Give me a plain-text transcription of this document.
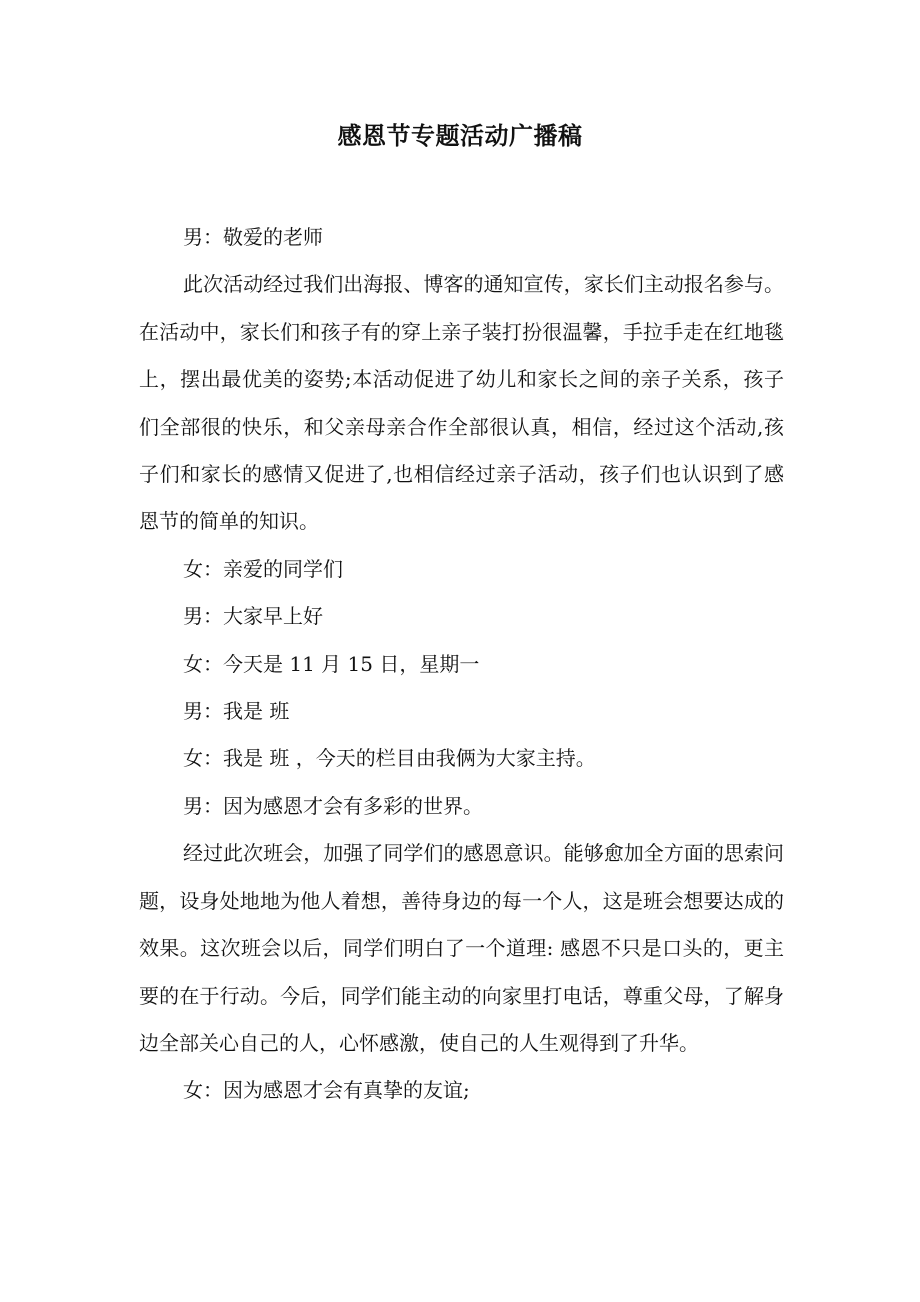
感恩节专题活动广播稿

男：敬爱的老师

此次活动经过我们出海报、博客的通知宣传，家长们主动报名参与。在活动中，家长们和孩子有的穿上亲子装打扮很温馨，手拉手走在红地毯上，摆出最优美的姿势;本活动促进了幼儿和家长之间的亲子关系，孩子们全部很的快乐，和父亲母亲合作全部很认真，相信，经过这个活动,孩子们和家长的感情又促进了,也相信经过亲子活动，孩子们也认识到了感恩节的简单的知识。

女：亲爱的同学们

男：大家早上好

女：今天是 11 月 15 日，星期一

男：我是 班

女：我是 班 ，今天的栏目由我俩为大家主持。

男：因为感恩才会有多彩的世界。

经过此次班会，加强了同学们的感恩意识。能够愈加全方面的思索问题，设身处地地为他人着想，善待身边的每一个人，这是班会想要达成的效果。这次班会以后，同学们明白了一个道理: 感恩不只是口头的，更主要的在于行动。今后，同学们能主动的向家里打电话，尊重父母，了解身边全部关心自己的人，心怀感激，使自己的人生观得到了升华。

女：因为感恩才会有真挚的友谊;
